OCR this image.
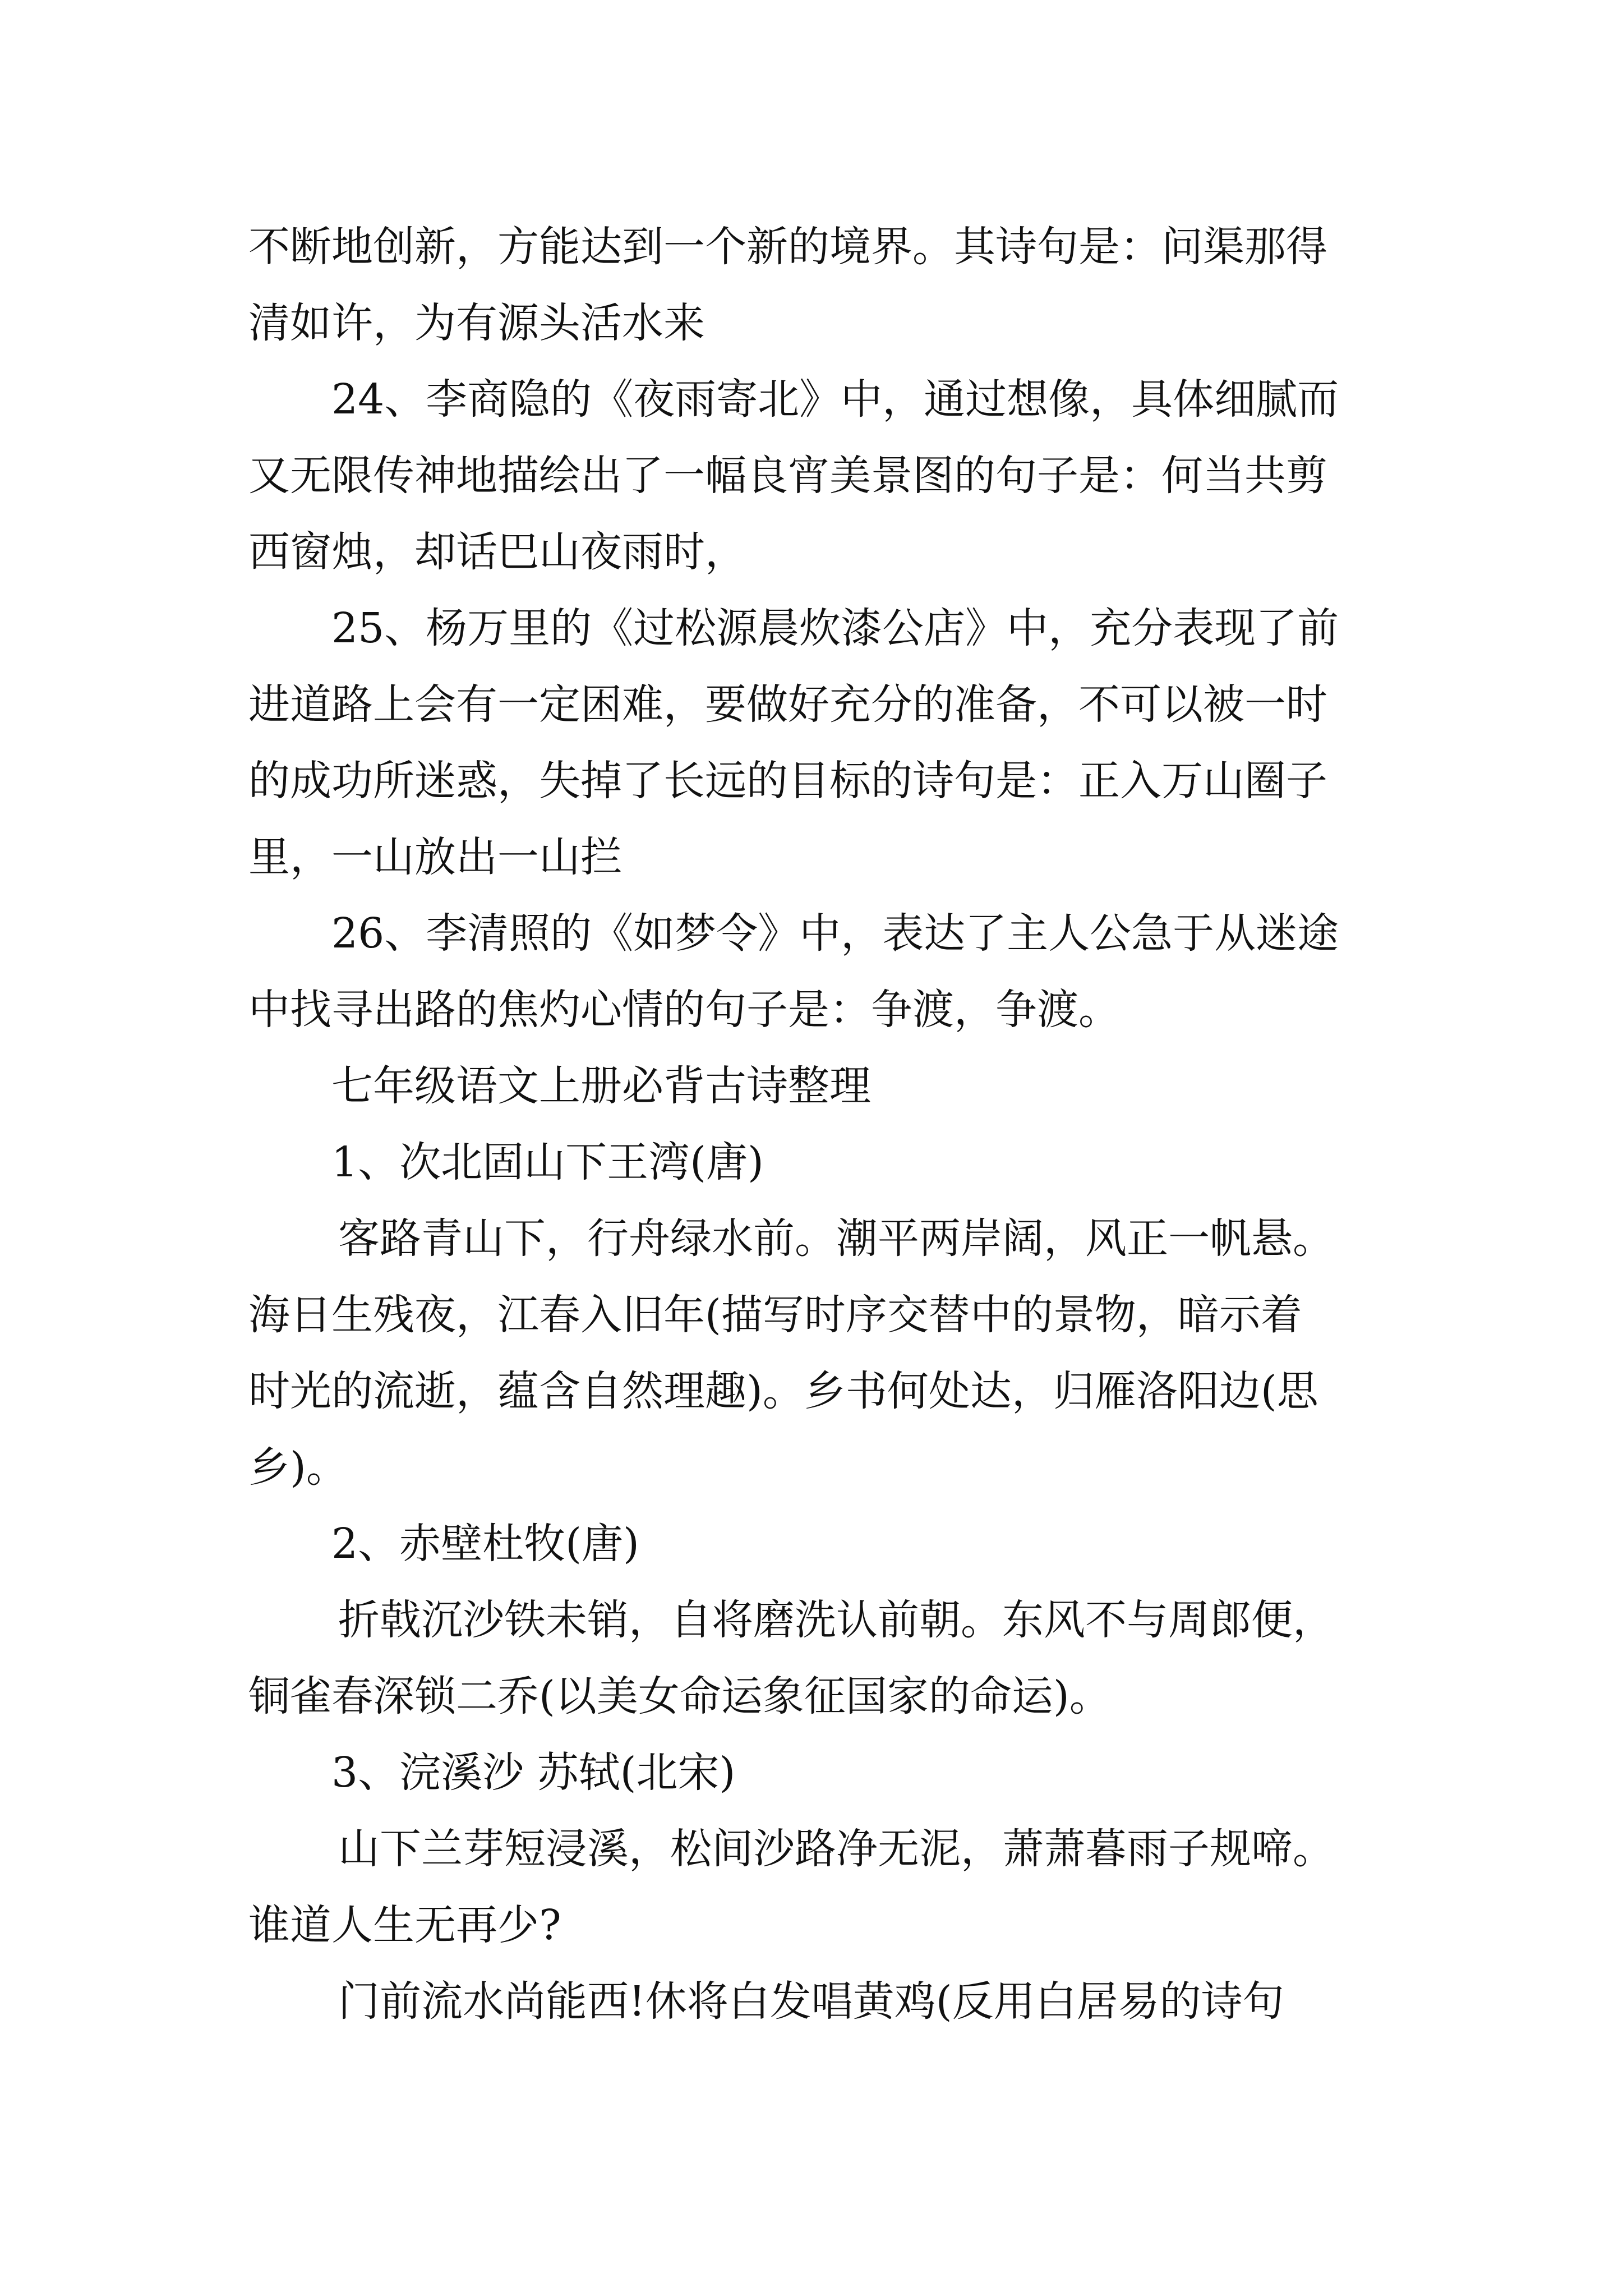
不断地创新，方能达到一个新的境界。其诗句是：问渠那得
清如许，为有源头活水来

24、李商隐的《夜雨寄北》中，通过想像，具体细腻而
又无限传神地描绘出了一幅良宵美景图的句子是：何当共剪
西窗烛，却话巴山夜雨时，

25、杨万里的《过松源晨炊漆公店》中，充分表现了前
进道路上会有一定困难，要做好充分的准备，不可以被一时
的成功所迷惑，失掉了长远的目标的诗句是：正入万山圈子
里，一山放出一山拦

26、李清照的《如梦令》中，表达了主人公急于从迷途
中找寻出路的焦灼心情的句子是：争渡，争渡。

七年级语文上册必背古诗整理

1、次北固山下王湾(唐)

客路青山下，行舟绿水前。潮平两岸阔，风正一帆悬。
海日生残夜，江春入旧年(描写时序交替中的景物，暗示着
时光的流逝，蕴含自然理趣)。乡书何处达，归雁洛阳边(思
乡)。

2、赤壁杜牧(唐)

折戟沉沙铁未销，自将磨洗认前朝。东风不与周郎便，
铜雀春深锁二乔(以美女命运象征国家的命运)。

3、浣溪沙 苏轼(北宋)

山下兰芽短浸溪，松间沙路净无泥，萧萧暮雨子规啼。
谁道人生无再少?

门前流水尚能西!休将白发唱黄鸡(反用白居易的诗句
